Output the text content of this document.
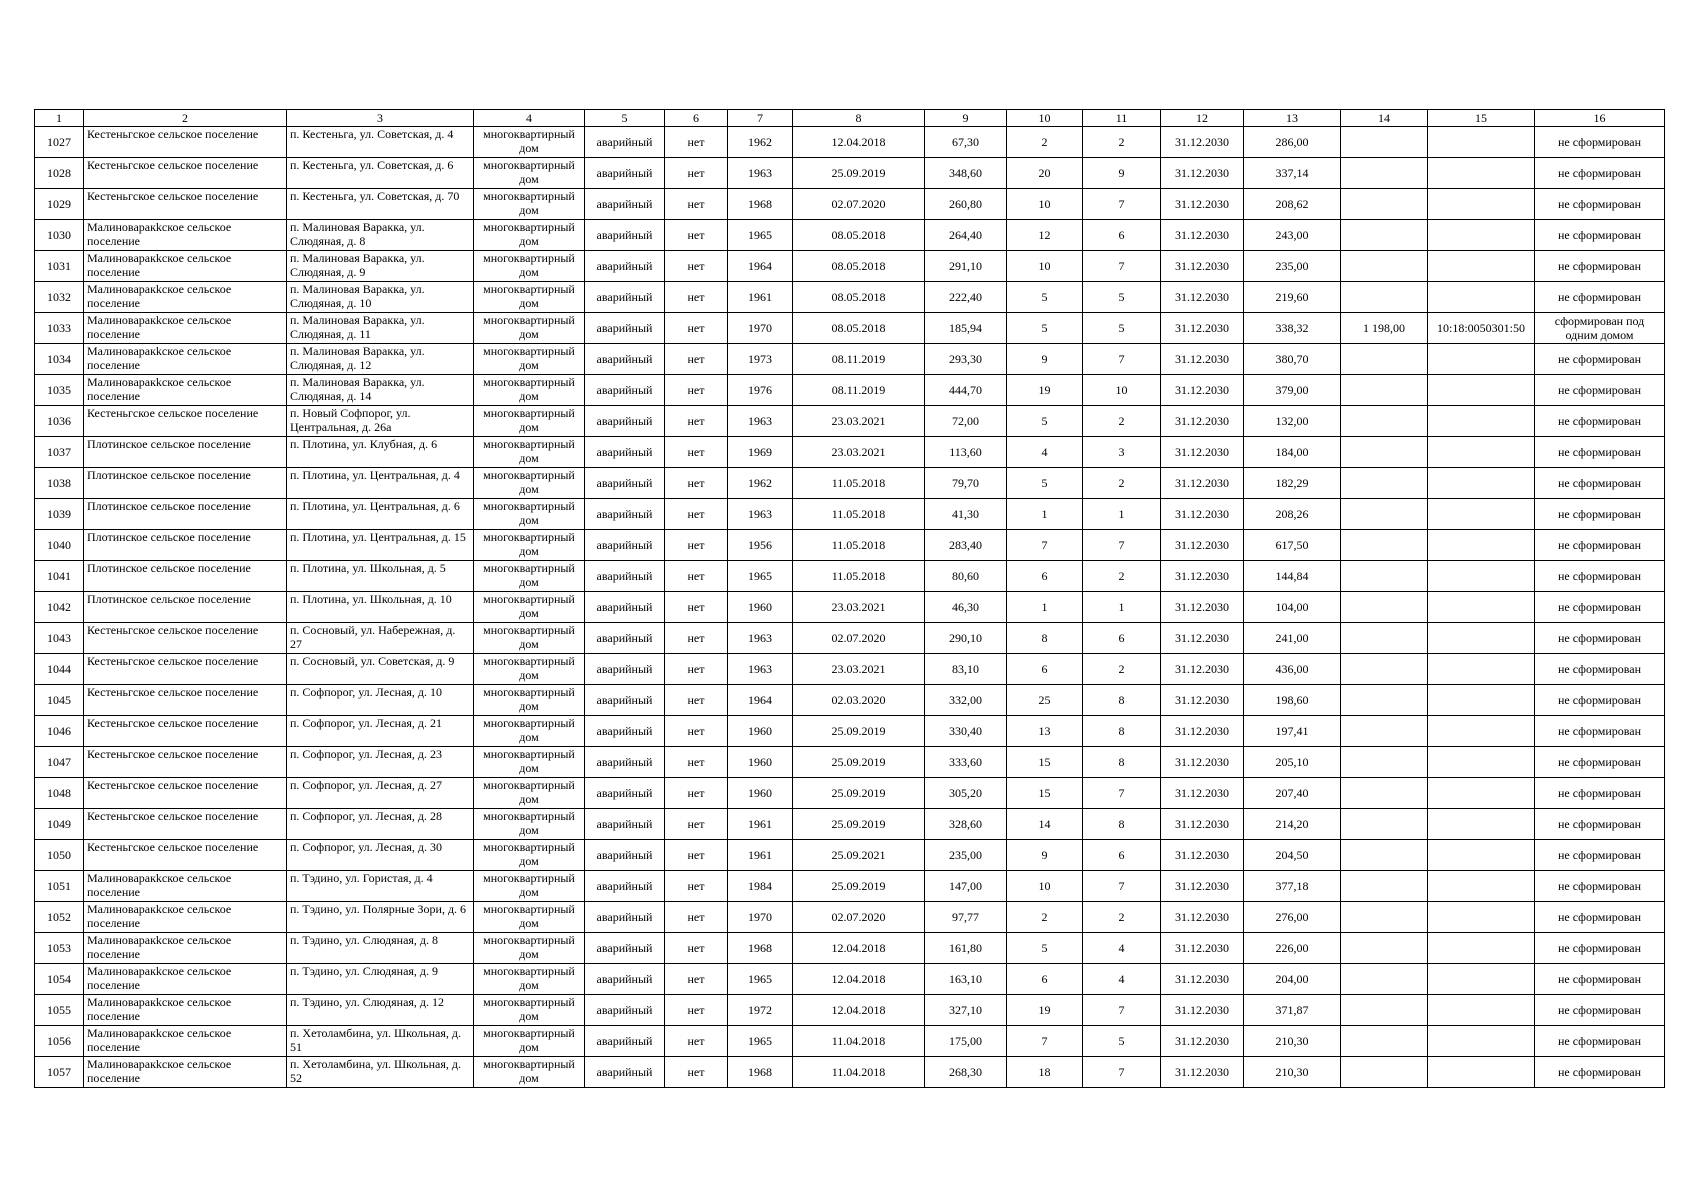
1	2	3	4	5	6	7	8	9	10	11	12	13	14	15	16
1027	Кестеньгское сельское поселение	п. Кестеньга, ул. Советская, д. 4	многоквартирный дом	аварийный	нет	1962	12.04.2018	67,30	2	2	31.12.2030	286,00			не сформирован
1028	Кестеньгское сельское поселение	п. Кестеньга, ул. Советская, д. 6	многоквартирный дом	аварийный	нет	1963	25.09.2019	348,60	20	9	31.12.2030	337,14			не сформирован
1029	Кестеньгское сельское поселение	п. Кестеньга, ул. Советская, д. 70	многоквартирный дом	аварийный	нет	1968	02.07.2020	260,80	10	7	31.12.2030	208,62			не сформирован
1030	Малиноваракkское сельское поселение	п. Малиновая Варакка, ул. Слюдяная, д. 8	многоквартирный дом	аварийный	нет	1965	08.05.2018	264,40	12	6	31.12.2030	243,00			не сформирован
1031	Малиноваракkское сельское поселение	п. Малиновая Варакка, ул. Слюдяная, д. 9	многоквартирный дом	аварийный	нет	1964	08.05.2018	291,10	10	7	31.12.2030	235,00			не сформирован
1032	Малиноваракkское сельское поселение	п. Малиновая Варакка, ул. Слюдяная, д. 10	многоквартирный дом	аварийный	нет	1961	08.05.2018	222,40	5	5	31.12.2030	219,60			не сформирован
1033	Малиноваракkское сельское поселение	п. Малиновая Варакка, ул. Слюдяная, д. 11	многоквартирный дом	аварийный	нет	1970	08.05.2018	185,94	5	5	31.12.2030	338,32	1 198,00	10:18:0050301:50	сформирован под одним домом
1034	Малиноваракkское сельское поселение	п. Малиновая Варакка, ул. Слюдяная, д. 12	многоквартирный дом	аварийный	нет	1973	08.11.2019	293,30	9	7	31.12.2030	380,70			не сформирован
1035	Малиноваракkское сельское поселение	п. Малиновая Варакка, ул. Слюдяная, д. 14	многоквартирный дом	аварийный	нет	1976	08.11.2019	444,70	19	10	31.12.2030	379,00			не сформирован
1036	Кестеньгское сельское поселение	п. Новый Софпорог, ул. Центральная, д. 26а	многоквартирный дом	аварийный	нет	1963	23.03.2021	72,00	5	2	31.12.2030	132,00			не сформирован
1037	Плотинское сельское поселение	п. Плотина, ул. Клубная, д. 6	многоквартирный дом	аварийный	нет	1969	23.03.2021	113,60	4	3	31.12.2030	184,00			не сформирован
1038	Плотинское сельское поселение	п. Плотина, ул. Центральная, д. 4	многоквартирный дом	аварийный	нет	1962	11.05.2018	79,70	5	2	31.12.2030	182,29			не сформирован
1039	Плотинское сельское поселение	п. Плотина, ул. Центральная, д. 6	многоквартирный дом	аварийный	нет	1963	11.05.2018	41,30	1	1	31.12.2030	208,26			не сформирован
1040	Плотинское сельское поселение	п. Плотина, ул. Центральная, д. 15	многоквартирный дом	аварийный	нет	1956	11.05.2018	283,40	7	7	31.12.2030	617,50			не сформирован
1041	Плотинское сельское поселение	п. Плотина, ул. Школьная, д. 5	многоквартирный дом	аварийный	нет	1965	11.05.2018	80,60	6	2	31.12.2030	144,84			не сформирован
1042	Плотинское сельское поселение	п. Плотина, ул. Школьная, д. 10	многоквартирный дом	аварийный	нет	1960	23.03.2021	46,30	1	1	31.12.2030	104,00			не сформирован
1043	Кестеньгское сельское поселение	п. Сосновый, ул. Набережная, д. 27	многоквартирный дом	аварийный	нет	1963	02.07.2020	290,10	8	6	31.12.2030	241,00			не сформирован
1044	Кестеньгское сельское поселение	п. Сосновый, ул. Советская, д. 9	многоквартирный дом	аварийный	нет	1963	23.03.2021	83,10	6	2	31.12.2030	436,00			не сформирован
1045	Кестеньгское сельское поселение	п. Софпорог, ул. Лесная, д. 10	многоквартирный дом	аварийный	нет	1964	02.03.2020	332,00	25	8	31.12.2030	198,60			не сформирован
1046	Кестеньгское сельское поселение	п. Софпорог, ул. Лесная, д. 21	многоквартирный дом	аварийный	нет	1960	25.09.2019	330,40	13	8	31.12.2030	197,41			не сформирован
1047	Кестеньгское сельское поселение	п. Софпорог, ул. Лесная, д. 23	многоквартирный дом	аварийный	нет	1960	25.09.2019	333,60	15	8	31.12.2030	205,10			не сформирован
1048	Кестеньгское сельское поселение	п. Софпорог, ул. Лесная, д. 27	многоквартирный дом	аварийный	нет	1960	25.09.2019	305,20	15	7	31.12.2030	207,40			не сформирован
1049	Кестеньгское сельское поселение	п. Софпорог, ул. Лесная, д. 28	многоквартирный дом	аварийный	нет	1961	25.09.2019	328,60	14	8	31.12.2030	214,20			не сформирован
1050	Кестеньгское сельское поселение	п. Софпорог, ул. Лесная, д. 30	многоквартирный дом	аварийный	нет	1961	25.09.2021	235,00	9	6	31.12.2030	204,50			не сформирован
1051	Малиноваракkское сельское поселение	п. Тэдино, ул. Гористая, д. 4	многоквартирный дом	аварийный	нет	1984	25.09.2019	147,00	10	7	31.12.2030	377,18			не сформирован
1052	Малиноваракkское сельское поселение	п. Тэдино, ул. Полярные Зори, д. 6	многоквартирный дом	аварийный	нет	1970	02.07.2020	97,77	2	2	31.12.2030	276,00			не сформирован
1053	Малиноваракkское сельское поселение	п. Тэдино, ул. Слюдяная, д. 8	многоквартирный дом	аварийный	нет	1968	12.04.2018	161,80	5	4	31.12.2030	226,00			не сформирован
1054	Малиноваракkское сельское поселение	п. Тэдино, ул. Слюдяная, д. 9	многоквартирный дом	аварийный	нет	1965	12.04.2018	163,10	6	4	31.12.2030	204,00			не сформирован
1055	Малиноваракkское сельское поселение	п. Тэдино, ул. Слюдяная, д. 12	многоквартирный дом	аварийный	нет	1972	12.04.2018	327,10	19	7	31.12.2030	371,87			не сформирован
1056	Малиноваракkское сельское поселение	п. Хетоламбина, ул. Школьная, д. 51	многоквартирный дом	аварийный	нет	1965	11.04.2018	175,00	7	5	31.12.2030	210,30			не сформирован
1057	Малиноваракkское сельское поселение	п. Хетоламбина, ул. Школьная, д. 52	многоквартирный дом	аварийный	нет	1968	11.04.2018	268,30	18	7	31.12.2030	210,30			не сформирован
